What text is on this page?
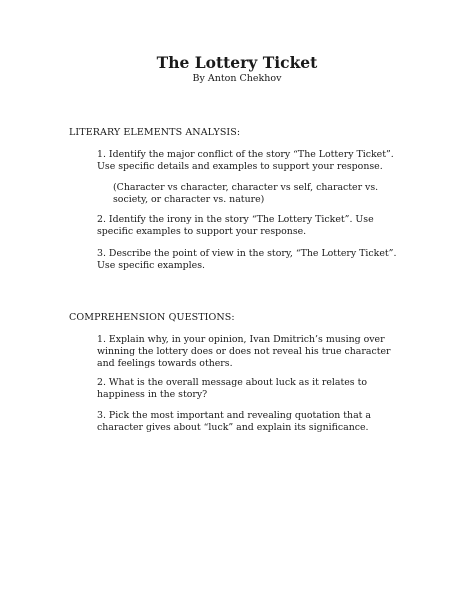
The Lottery Ticket
By Anton Chekhov
LITERARY ELEMENTS ANALYSIS:
1. Identify the major conflict of the story “The Lottery Ticket”. Use specific details and examples to support your response.
(Character vs character, character vs self, character vs. society, or character vs. nature)
2. Identify the irony in the story “The Lottery Ticket”. Use specific examples to support your response.
3. Describe the point of view in the story, “The Lottery Ticket”. Use specific examples.
COMPREHENSION QUESTIONS:
1. Explain why, in your opinion, Ivan Dmitrich’s musing over winning the lottery does or does not reveal his true character and feelings towards others.
2. What is the overall message about luck as it relates to happiness in the story?
3. Pick the most important and revealing quotation that a character gives about “luck” and explain its significance.
